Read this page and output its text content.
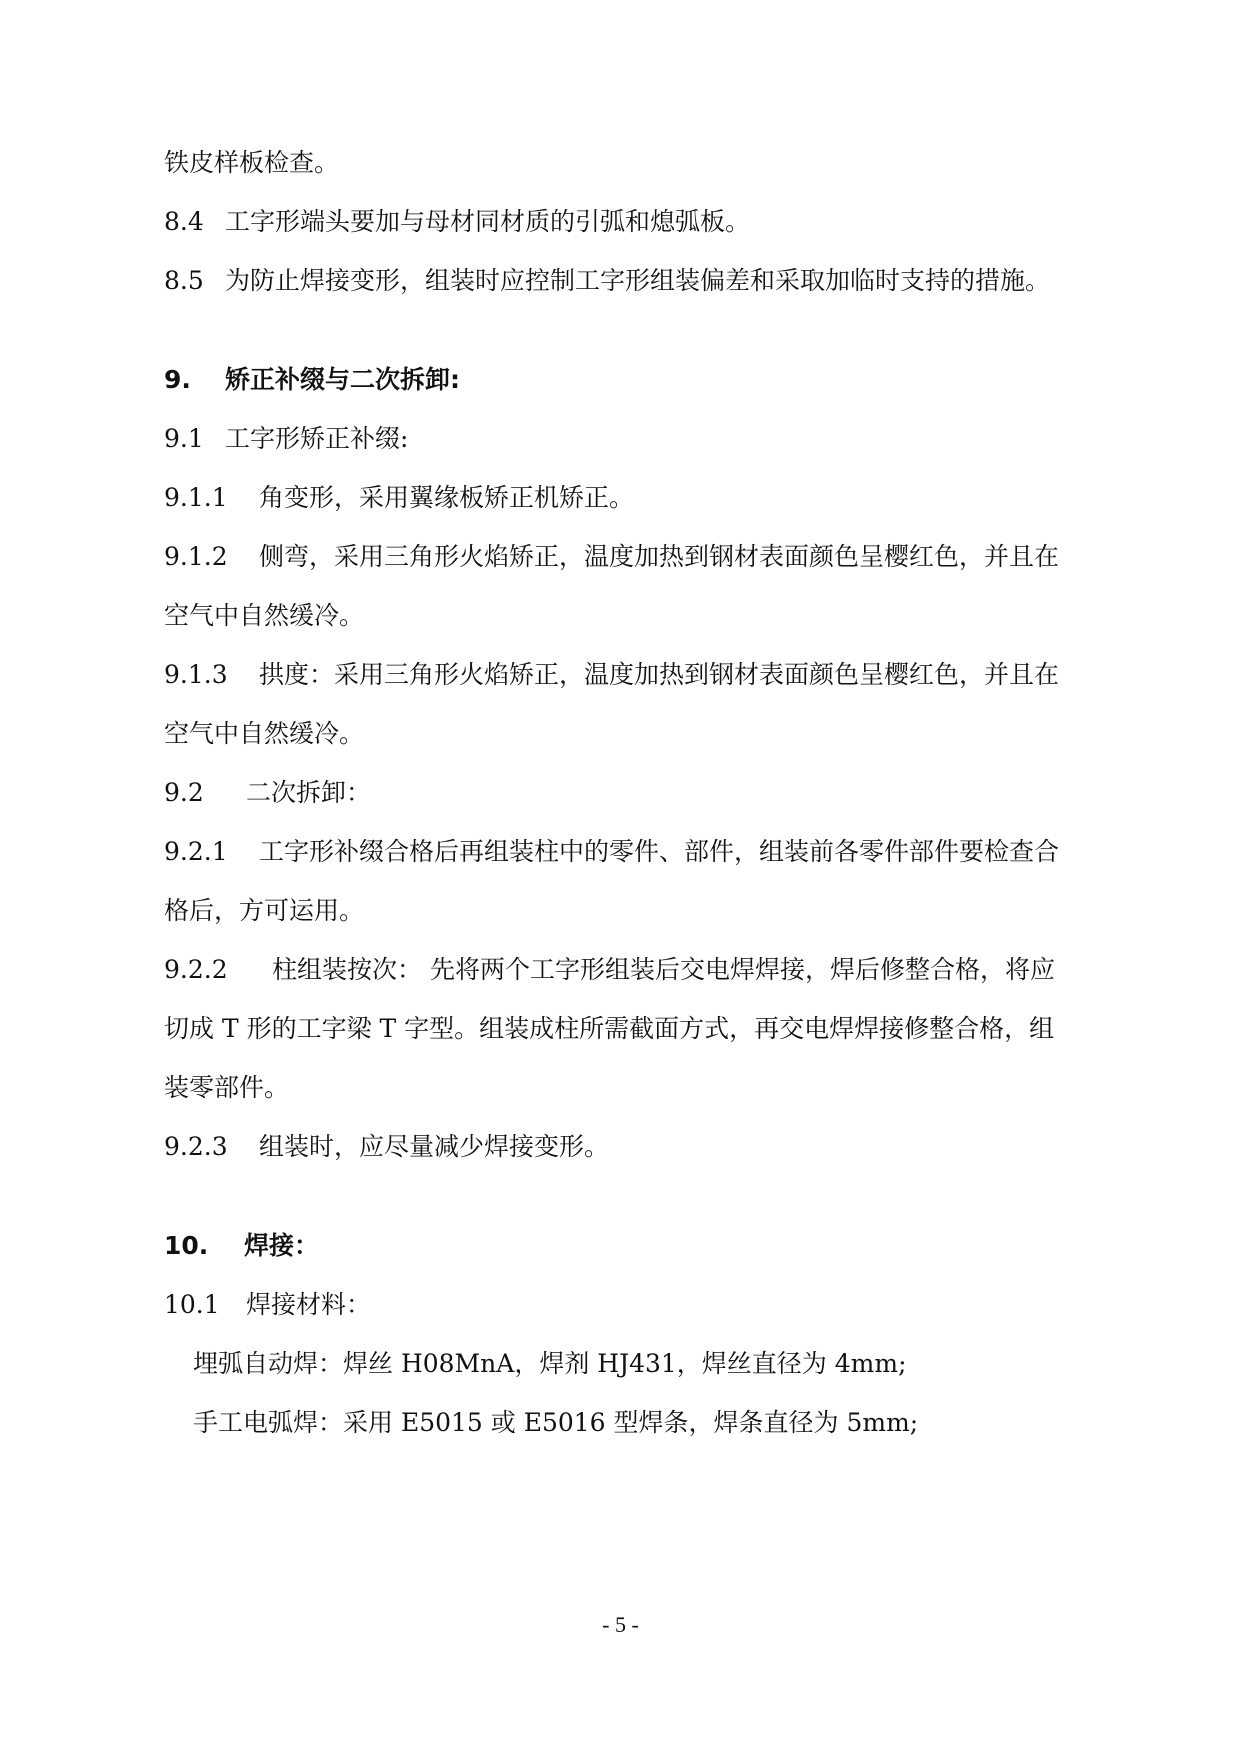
铁皮样板检查。
8.4 工字形端头要加与母材同材质的引弧和熄弧板。
8.5 为防止焊接变形，组装时应控制工字形组装偏差和采取加临时支持的措施。
9. 矫正补缀与二次拆卸:
9.1 工字形矫正补缀:
9.1.1 角变形，采用翼缘板矫正机矫正。
9.1.2 侧弯，采用三角形火焰矫正，温度加热到钢材表面颜色呈樱红色，并且在
空气中自然缓冷。
9.1.3 拱度：采用三角形火焰矫正，温度加热到钢材表面颜色呈樱红色，并且在
空气中自然缓冷。
9.2 二次拆卸：
9.2.1 工字形补缀合格后再组装柱中的零件、部件，组装前各零件部件要检查合
格后，方可运用。
9.2.2 柱组装按次： 先将两个工字形组装后交电焊焊接，焊后修整合格，将应
切成 T 形的工字梁 T 字型。组装成柱所需截面方式，再交电焊焊接修整合格，组
装零部件。
9.2.3 组装时，应尽量减少焊接变形。
10. 焊接：
10.1 焊接材料：
埋弧自动焊：焊丝 H08MnA，焊剂 HJ431，焊丝直径为 4mm;
手工电弧焊：采用 E5015 或 E5016 型焊条，焊条直径为 5mm;
- 5 -
